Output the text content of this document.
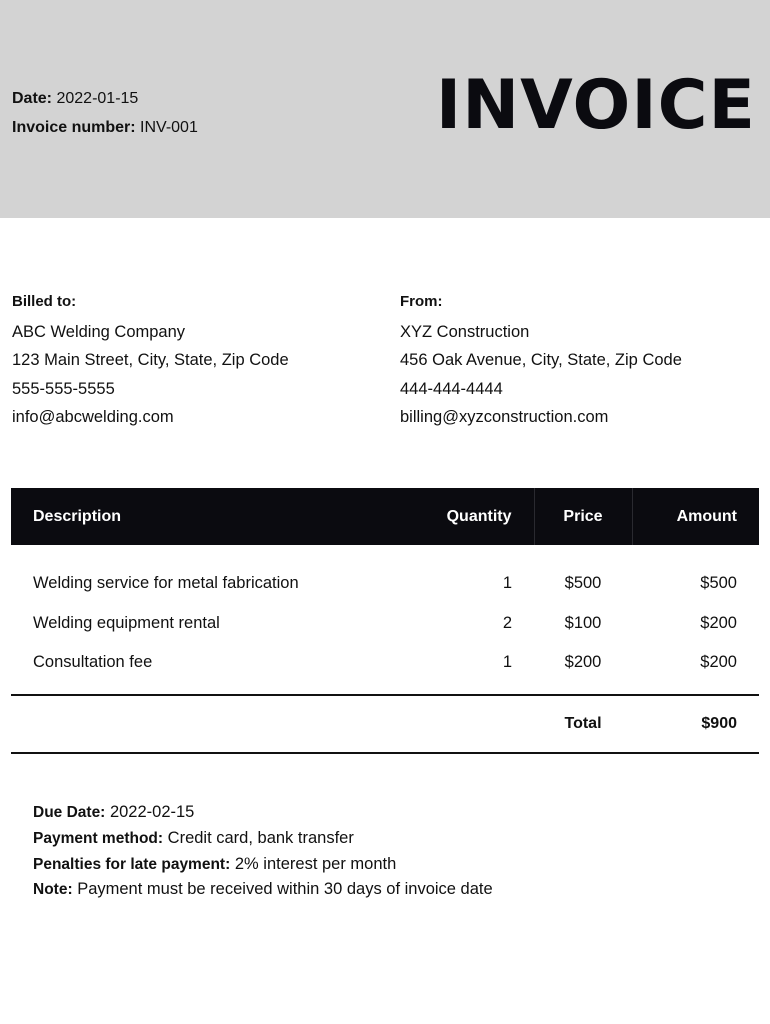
Date: 2022-01-15
Invoice number: INV-001	INVOICE
Billed to:
ABC Welding Company
123 Main Street, City, State, Zip Code
555-555-5555
info@abcwelding.com
From:
XYZ Construction
456 Oak Avenue, City, State, Zip Code
444-444-4444
billing@xyzconstruction.com
Description	Quantity	Price	Amount
Welding service for metal fabrication	1	$500	$500
Welding equipment rental	2	$100	$200
Consultation fee	1	$200	$200
		Total	$900
Due Date: 2022-02-15
Payment method: Credit card, bank transfer
Penalties for late payment: 2% interest per month
Note: Payment must be received within 30 days of invoice date
